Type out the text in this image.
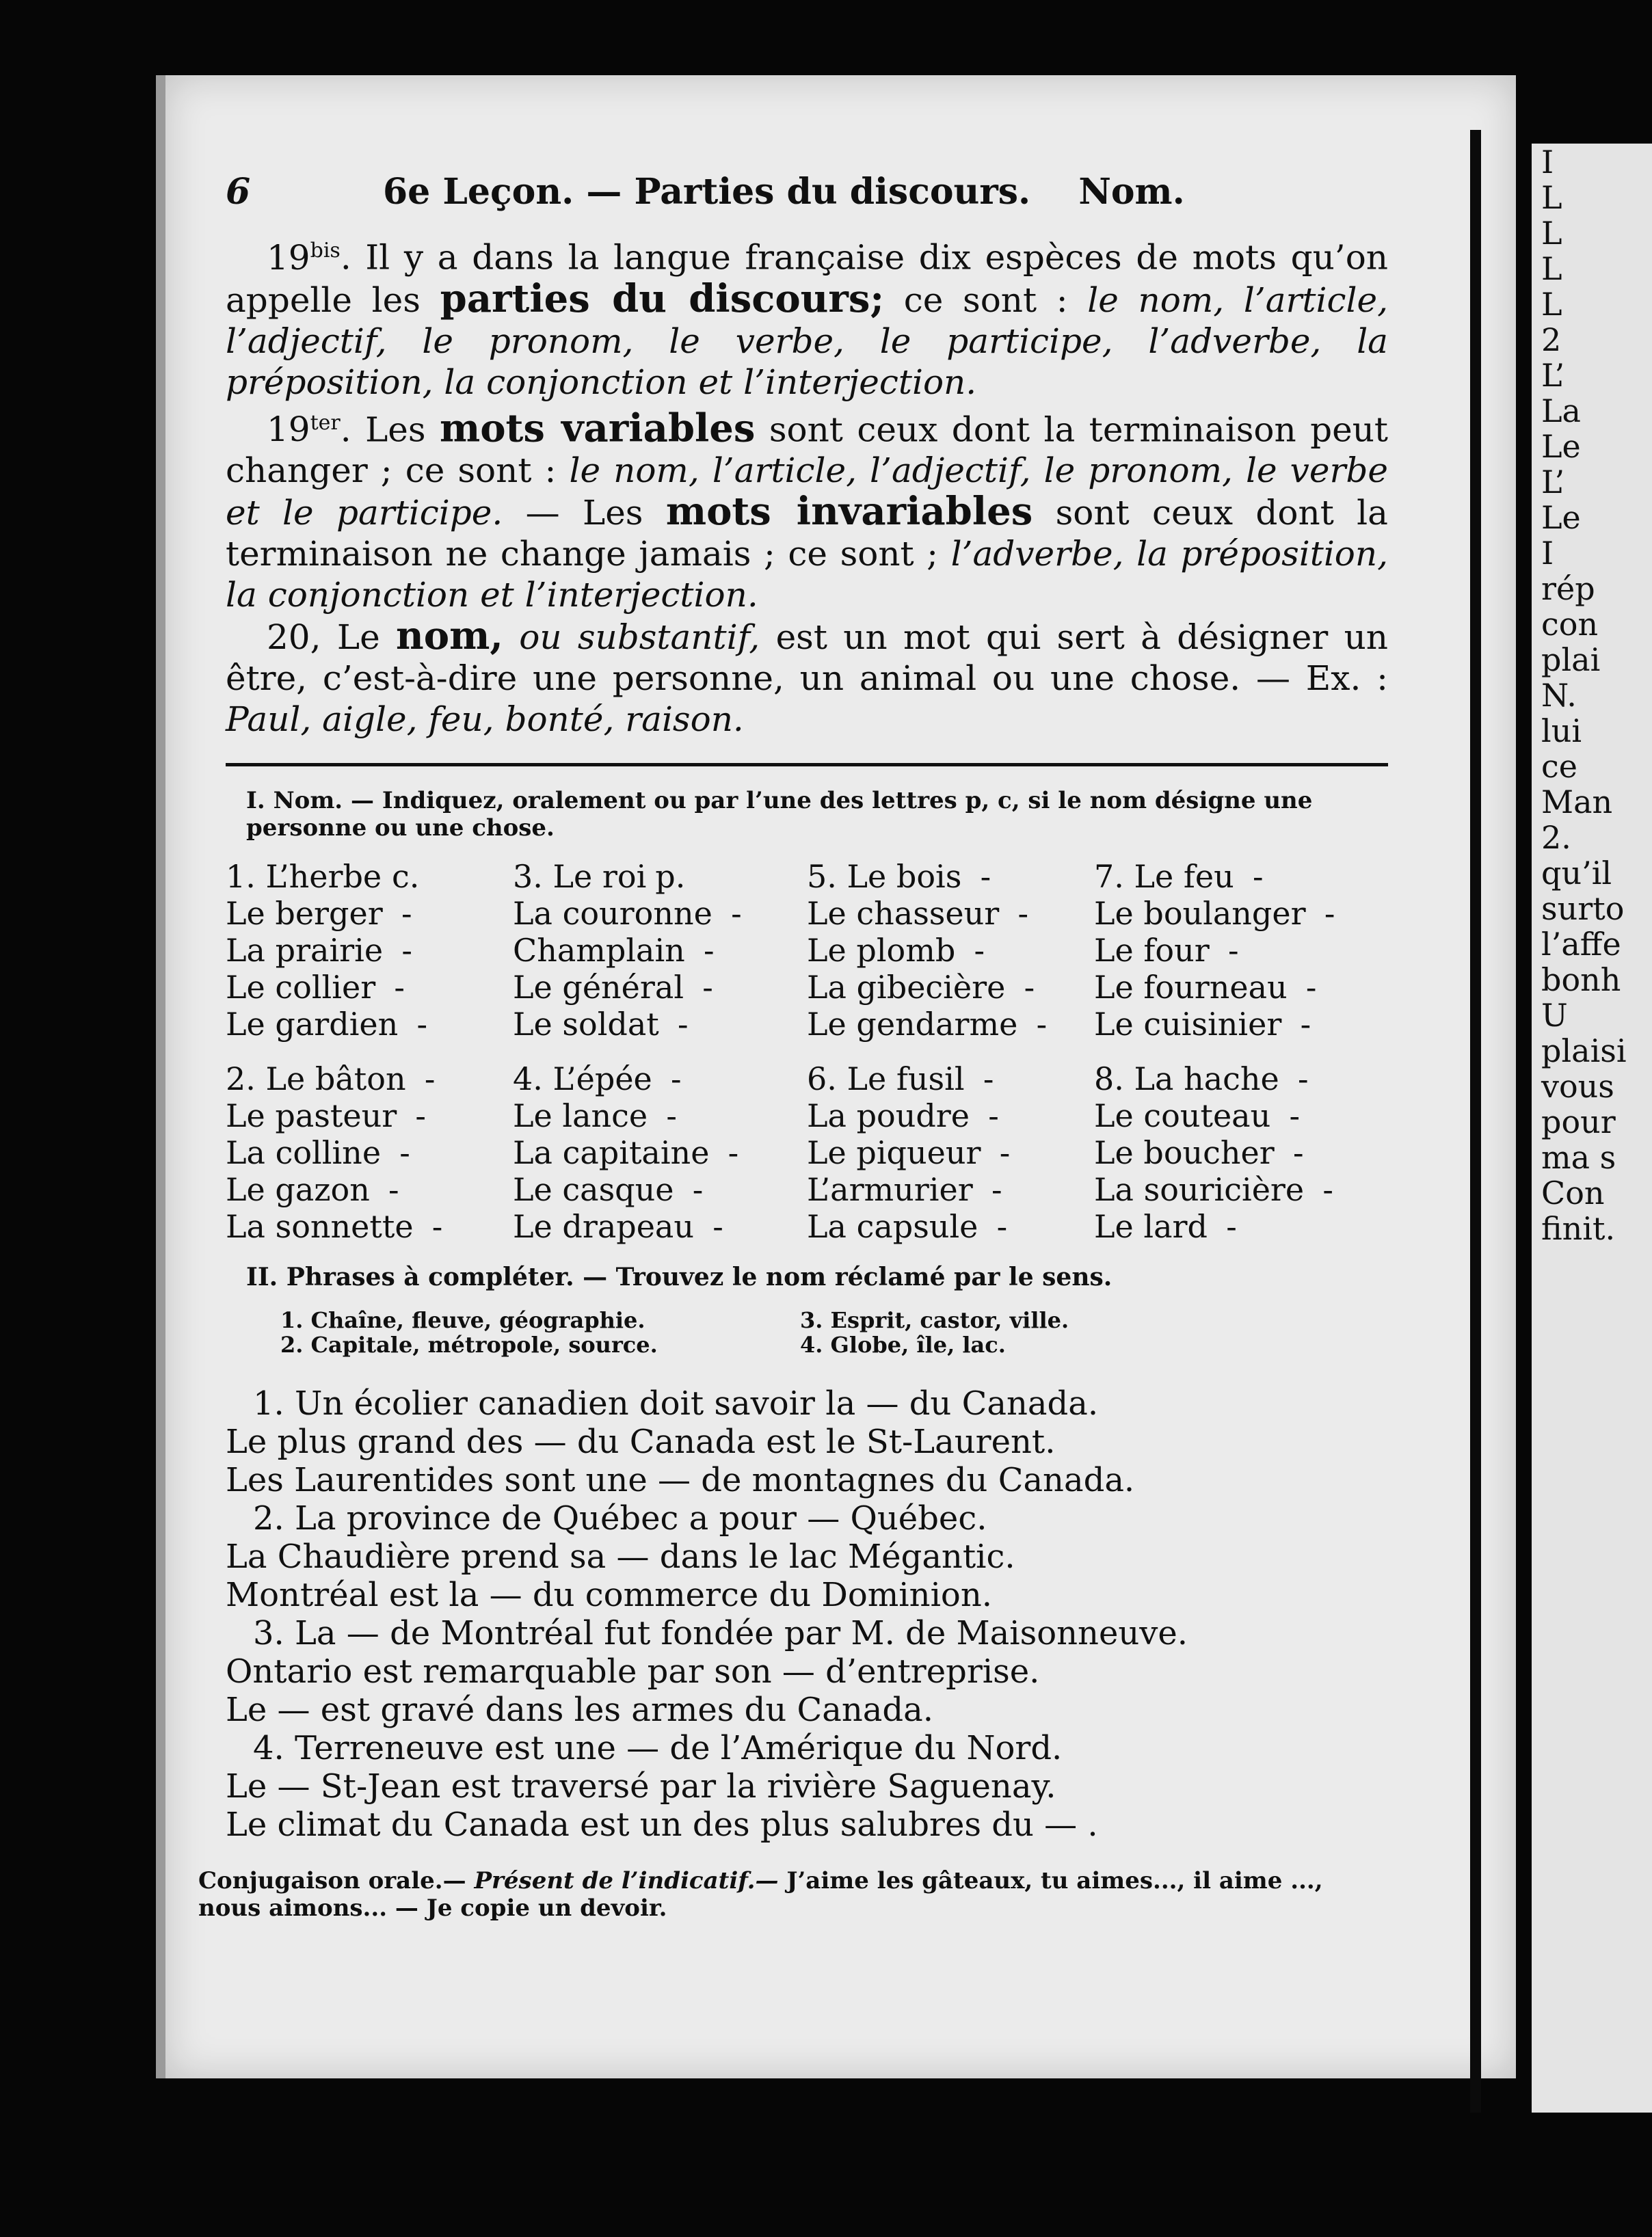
I
L
L
L
L
2
L’
La
Le
L’
Le
I
rép
con
plai
N.
lui
ce
Man
2.
qu’il
surto
l’affe
bonh
U
plaisi
vous
pour
ma s
Con
finit.
6	6e Leçon. — Parties du discours. Nom.

$19^{bis}$. Il y a dans la langue française dix espèces de mots qu’on appelle les parties du discours; ce sont : le nom, l’article, l’adjectif, le pronom, le verbe, le participe, l’adverbe, la préposition, la conjonction et l’interjection.

$19^{ter}$. Les mots variables sont ceux dont la terminaison peut changer ; ce sont : le nom, l’article, l’adjectif, le pronom, le verbe et le participe. — Les mots invariables sont ceux dont la terminaison ne change jamais ; ce sont ; l’adverbe, la préposition, la conjonction et l’interjection.

20, Le nom, ou substantif, est un mot qui sert à désigner un être, c’est-à-dire une personne, un animal ou une chose. — Ex. : Paul, aigle, feu, bonté, raison.

I. Nom. — Indiquez, oralement ou par l’une des lettres p, c, si le nom désigne une personne ou une chose.
1. L’herbe c.	3. Le roi p.	5. Le bois -	7. Le feu -
Le berger -	La couronne -	Le chasseur -	Le boulanger -
La prairie -	Champlain -	Le plomb -	Le four -
Le collier -	Le général -	La gibecière -	Le fourneau -
Le gardien -	Le soldat -	Le gendarme -	Le cuisinier -
2. Le bâton -	4. L’épée -	6. Le fusil -	8. La hache -
Le pasteur -	Le lance -	La poudre -	Le couteau -
La colline -	La capitaine -	Le piqueur -	Le boucher -
Le gazon -	Le casque -	L’armurier -	La souricière -
La sonnette -	Le drapeau -	La capsule -	Le lard -
II. Phrases à compléter. — Trouvez le nom réclamé par le sens.
1. Chaîne, fleuve, géographie.	3. Esprit, castor, ville.
2. Capitale, métropole, source.	4. Globe, île, lac.
1. Un écolier canadien doit savoir la — du Canada.
Le plus grand des — du Canada est le St-Laurent.
Les Laurentides sont une — de montagnes du Canada.
2. La province de Québec a pour — Québec.
La Chaudière prend sa — dans le lac Mégantic.
Montréal est la — du commerce du Dominion.
3. La — de Montréal fut fondée par M. de Maisonneuve.
Ontario est remarquable par son — d’entreprise.
Le — est gravé dans les armes du Canada.
4. Terreneuve est une — de l’Amérique du Nord.
Le — St-Jean est traversé par la rivière Saguenay.
Le climat du Canada est un des plus salubres du — .
Conjugaison orale.— Présent de l’indicatif.— J’aime les gâteaux, tu aimes..., il aime ..., nous aimons... — Je copie un devoir.
